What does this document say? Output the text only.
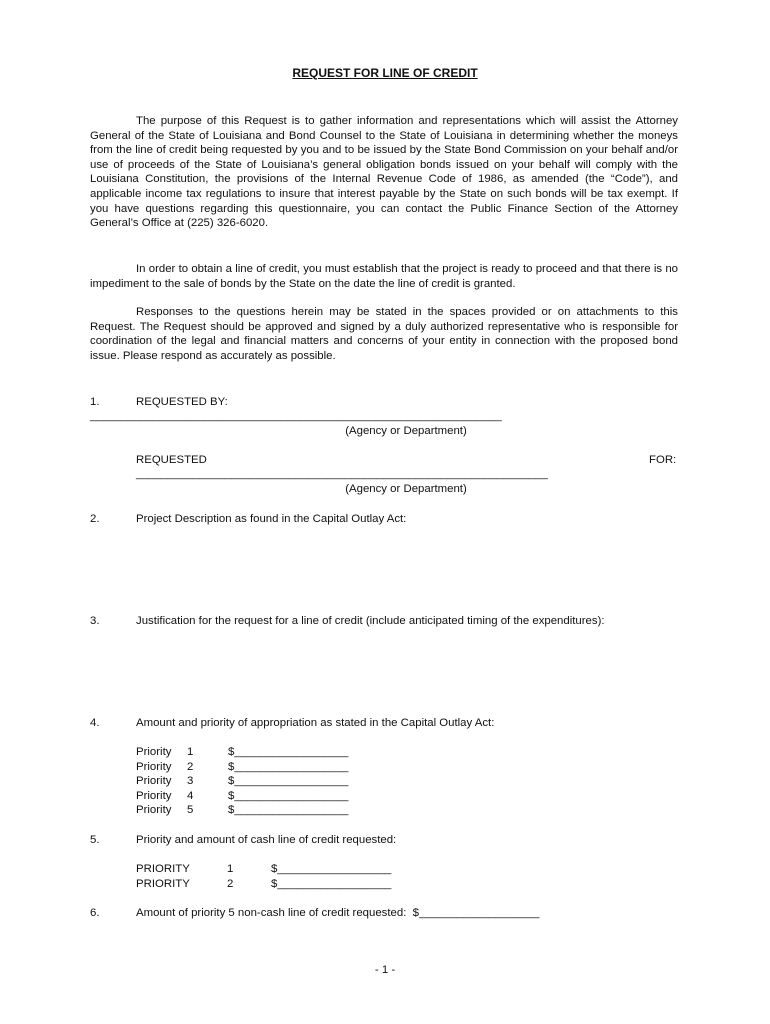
REQUEST FOR LINE OF CREDIT
The purpose of this Request is to gather information and representations which will assist the Attorney General of the State of Louisiana and Bond Counsel to the State of Louisiana in determining whether the moneys from the line of credit being requested by you and to be issued by the State Bond Commission on your behalf and/or use of proceeds of the State of Louisiana’s general obligation bonds issued on your behalf will comply with the Louisiana Constitution, the provisions of the Internal Revenue Code of 1986, as amended (the “Code”), and applicable income tax regulations to insure that interest payable by the State on such bonds will be tax exempt. If you have questions regarding this questionnaire, you can contact the Public Finance Section of the Attorney General’s Office at (225) 326-6020.
In order to obtain a line of credit, you must establish that the project is ready to proceed and that there is no impediment to the sale of bonds by the State on the date the line of credit is granted.
Responses to the questions herein may be stated in the spaces provided or on attachments to this Request. The Request should be approved and signed by a duly authorized representative who is responsible for coordination of the legal and financial matters and concerns of your entity in connection with the proposed bond issue. Please respond as accurately as possible.
1.	REQUESTED BY:
_________________________________________________________________
(Agency or Department)
REQUESTED	FOR:
_________________________________________________________________
(Agency or Department)
2.	Project Description as found in the Capital Outlay Act:
3.	Justification for the request for a line of credit (include anticipated timing of the expenditures):
4.	Amount and priority of appropriation as stated in the Capital Outlay Act:
Priority	1	$__________________
Priority	2	$__________________
Priority	3	$__________________
Priority	4	$__________________
Priority	5	$__________________
5.	Priority and amount of cash line of credit requested:
PRIORITY	1	$__________________
PRIORITY	2	$__________________
6.	Amount of priority 5 non-cash line of credit requested:  $___________________
- 1 -
